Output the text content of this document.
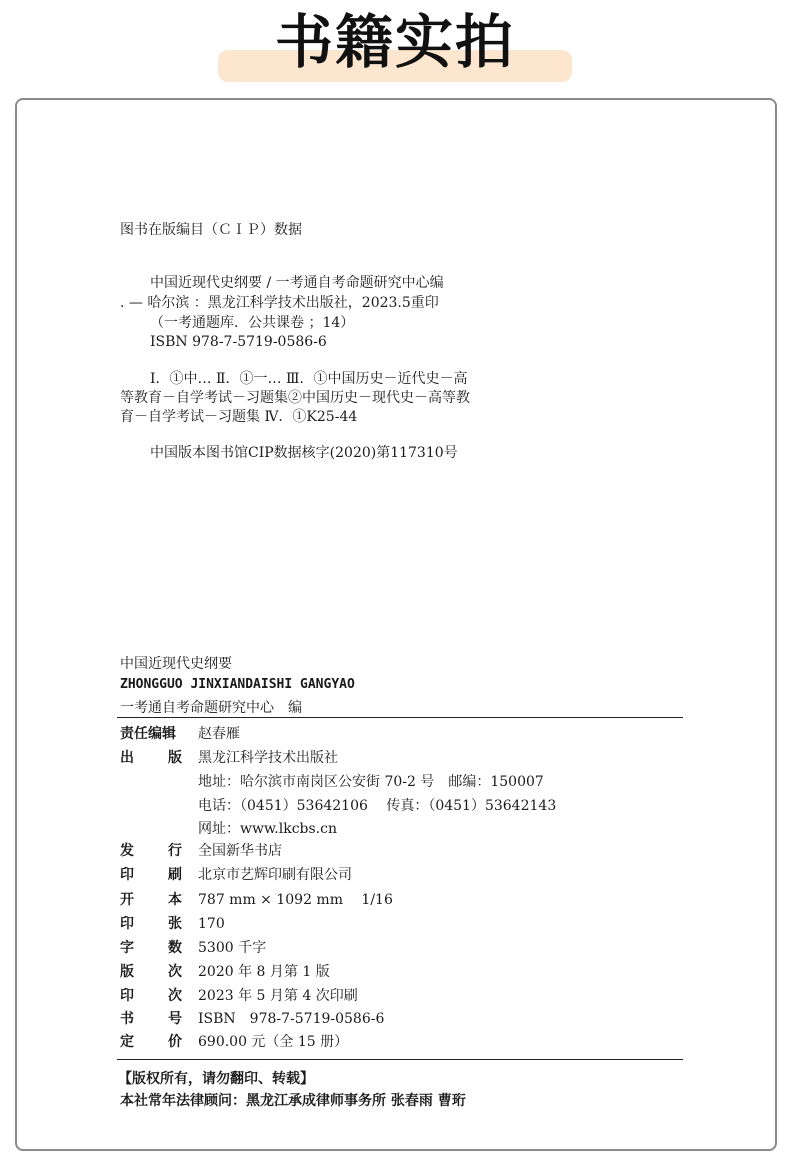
书籍实拍
图书在版编目（ＣＩＰ）数据
中国近现代史纲要 / 一考通自考命题研究中心编
. — 哈尔滨 ：黑龙江科学技术出版社，2023.5重印
（一考通题库．公共课卷 ；14）
ISBN 978-7-5719-0586-6
Ⅰ．①中… Ⅱ．①一… Ⅲ．①中国历史－近代史－高
等教育－自学考试－习题集②中国历史－现代史－高等教
育－自学考试－习题集 Ⅳ．①K25-44
中国版本图书馆CIP数据核字(2020)第117310号
中国近现代史纲要
ZHONGGUO JINXIANDAISHI GANGYAO
一考通自考命题研究中心　编
责任编辑	赵春雁
出 版 黑龙江科学技术出版社
地址：哈尔滨市南岗区公安街 70-2 号　邮编：150007
电话：（0451）53642106　 传真：（0451）53642143
网址：www.lkcbs.cn
发 行 全国新华书店
印 刷 北京市艺辉印刷有限公司
开 本 787 mm × 1092 mm　 1/16
印 张 170
字 数 5300 千字
版 次 2020 年 8 月第 1 版
印 次 2023 年 5 月第 4 次印刷
书 号 ISBN　978-7-5719-0586-6
定 价 690.00 元（全 15 册）
【版权所有，请勿翻印、转载】
本社常年法律顾问：黑龙江承成律师事务所 张春雨 曹珩
